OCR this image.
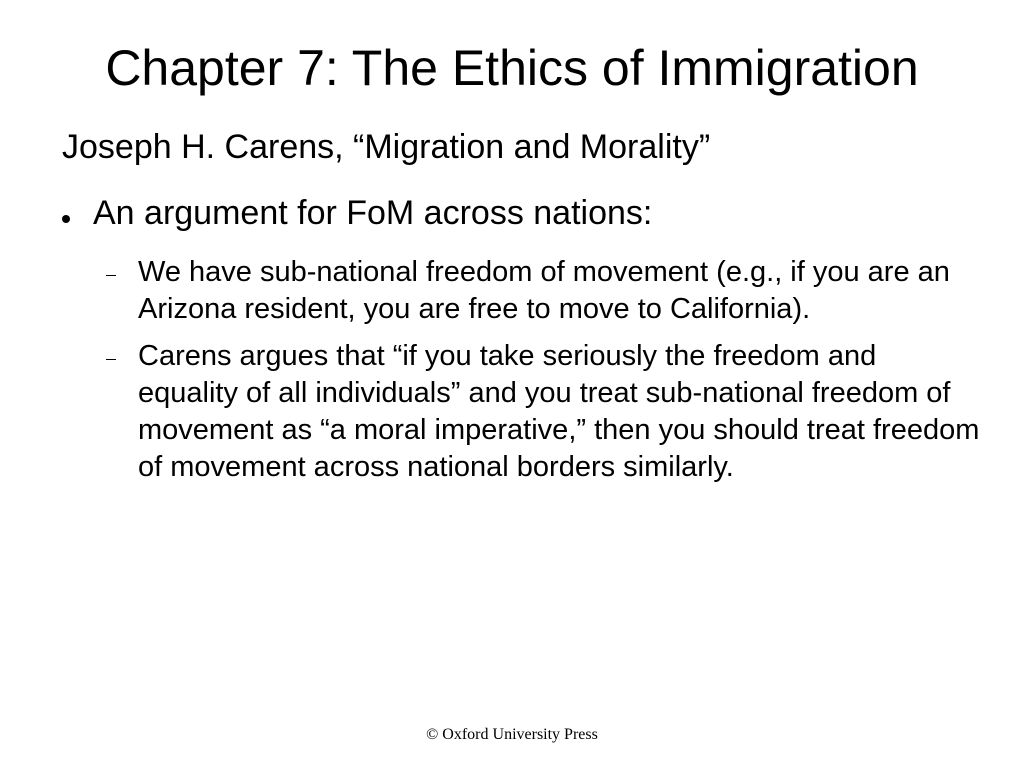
Chapter 7: The Ethics of Immigration
Joseph H. Carens, “Migration and Morality”
An argument for FoM across nations:
We have sub-national freedom of movement (e.g., if you are an Arizona resident, you are free to move to California).
Carens argues that “if you take seriously the freedom and equality of all individuals” and you treat sub-national freedom of movement as “a moral imperative,” then you should treat freedom of movement across national borders similarly.
© Oxford University Press
